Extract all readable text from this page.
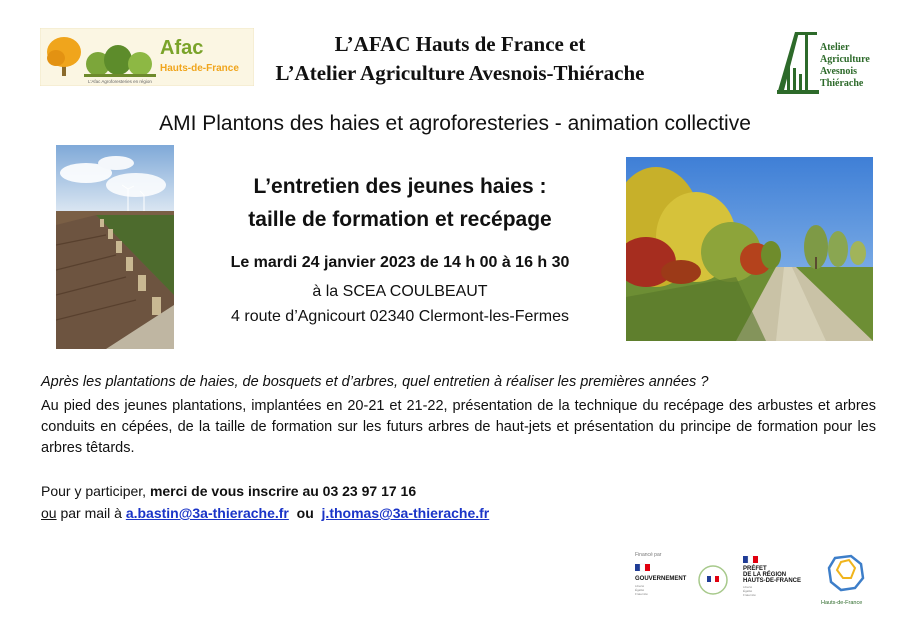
Afac
Hauts-de-France
L'Afac Agroforesteries en région
L’AFAC Hauts de France et
L’Atelier Agriculture Avesnois-Thiérache
Atelier
Agriculture
Avesnois
Thiérache
AMI Plantons des haies et agroforesteries - animation collective
L’entretien des jeunes haies :
taille de formation et recépage
Le mardi 24 janvier 2023 de 14 h 00 à 16 h 30
à la SCEA COULBEAUT
4 route d’Agnicourt 02340 Clermont-les-Fermes
Après les plantations de haies, de bosquets et d’arbres, quel entretien à réaliser les premières années ?
Au pied des jeunes plantations, implantées en 20-21 et 21-22, présentation de la technique du recépage des arbustes et arbres conduits en cépées, de la taille de formation sur les futurs arbres de haut-jets et présentation du principe de formation pour les arbres têtards.
Pour y participer, merci de vous inscrire au 03 23 97 17 16
ou par mail à a.bastin@3a-thierache.fr ou j.thomas@3a-thierache.fr
Financé par
GOUVERNEMENT
Liberté
Égalité
Fraternité
PRÉFET
DE LA RÉGION
HAUTS-DE-FRANCE
Liberté
Égalité
Fraternité
Hauts-de-France
